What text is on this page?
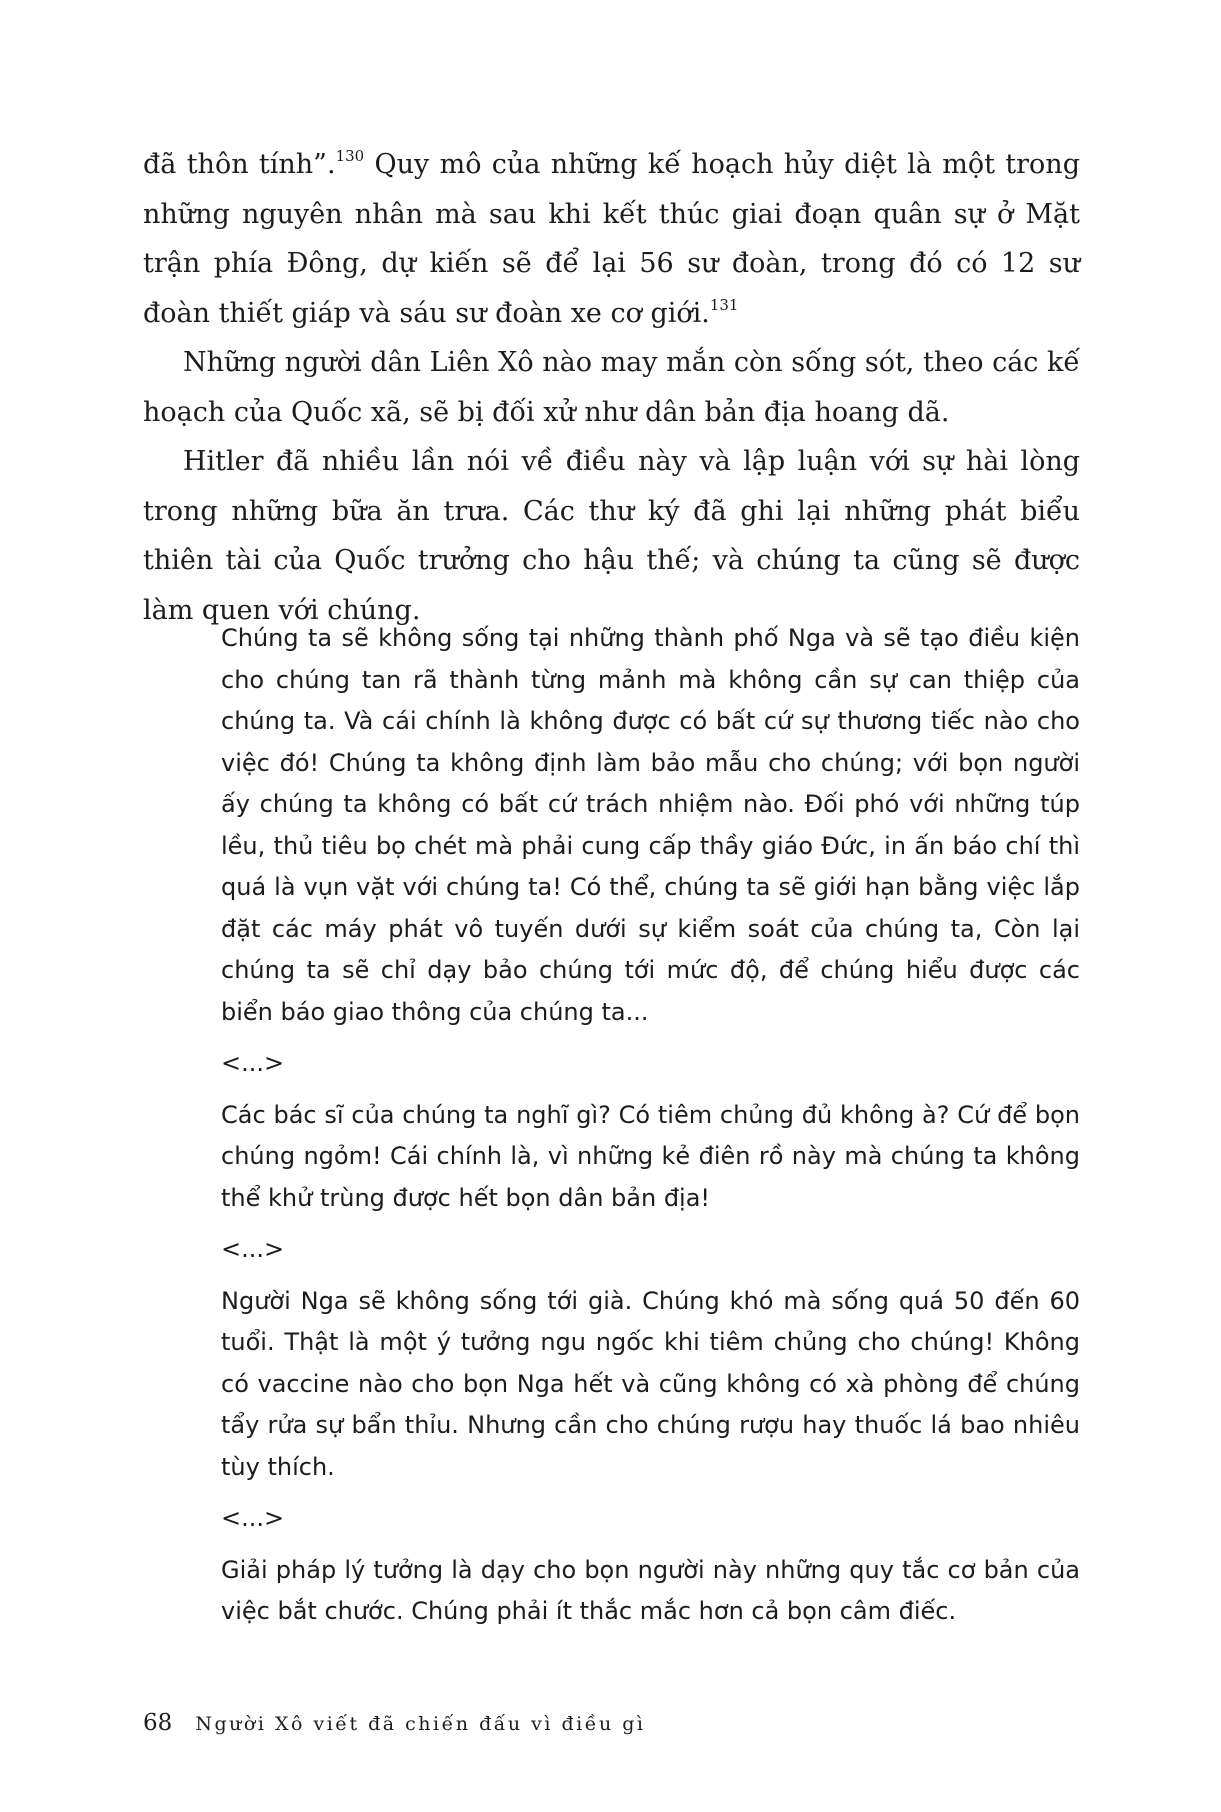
đã thôn tính”.$^{130}$ Quy mô của những kế hoạch hủy diệt là một trong những nguyên nhân mà sau khi kết thúc giai đoạn quân sự ở Mặt trận phía Đông, dự kiến sẽ để lại 56 sư đoàn, trong đó có 12 sư đoàn thiết giáp và sáu sư đoàn xe cơ giới.$^{131}$

Những người dân Liên Xô nào may mắn còn sống sót, theo các kế hoạch của Quốc xã, sẽ bị đối xử như dân bản địa hoang dã.

Hitler đã nhiều lần nói về điều này và lập luận với sự hài lòng trong những bữa ăn trưa. Các thư ký đã ghi lại những phát biểu thiên tài của Quốc trưởng cho hậu thế; và chúng ta cũng sẽ được làm quen với chúng.

Chúng ta sẽ không sống tại những thành phố Nga và sẽ tạo điều kiện cho chúng tan rã thành từng mảnh mà không cần sự can thiệp của chúng ta. Và cái chính là không được có bất cứ sự thương tiếc nào cho việc đó! Chúng ta không định làm bảo mẫu cho chúng; với bọn người ấy chúng ta không có bất cứ trách nhiệm nào. Đối phó với những túp lều, thủ tiêu bọ chét mà phải cung cấp thầy giáo Đức, in ấn báo chí thì quá là vụn vặt với chúng ta! Có thể, chúng ta sẽ giới hạn bằng việc lắp đặt các máy phát vô tuyến dưới sự kiểm soát của chúng ta, Còn lại chúng ta sẽ chỉ dạy bảo chúng tới mức độ, để chúng hiểu được các biển báo giao thông của chúng ta...

<...>

Các bác sĩ của chúng ta nghĩ gì? Có tiêm chủng đủ không à? Cứ để bọn chúng ngỏm! Cái chính là, vì những kẻ điên rồ này mà chúng ta không thể khử trùng được hết bọn dân bản địa!

<...>

Người Nga sẽ không sống tới già. Chúng khó mà sống quá 50 đến 60 tuổi. Thật là một ý tưởng ngu ngốc khi tiêm chủng cho chúng! Không có vaccine nào cho bọn Nga hết và cũng không có xà phòng để chúng tẩy rửa sự bẩn thỉu. Nhưng cần cho chúng rượu hay thuốc lá bao nhiêu tùy thích.

<...>

Giải pháp lý tưởng là dạy cho bọn người này những quy tắc cơ bản của việc bắt chước. Chúng phải ít thắc mắc hơn cả bọn câm điếc.

68 Người Xô viết đã chiến đấu vì điều gì
